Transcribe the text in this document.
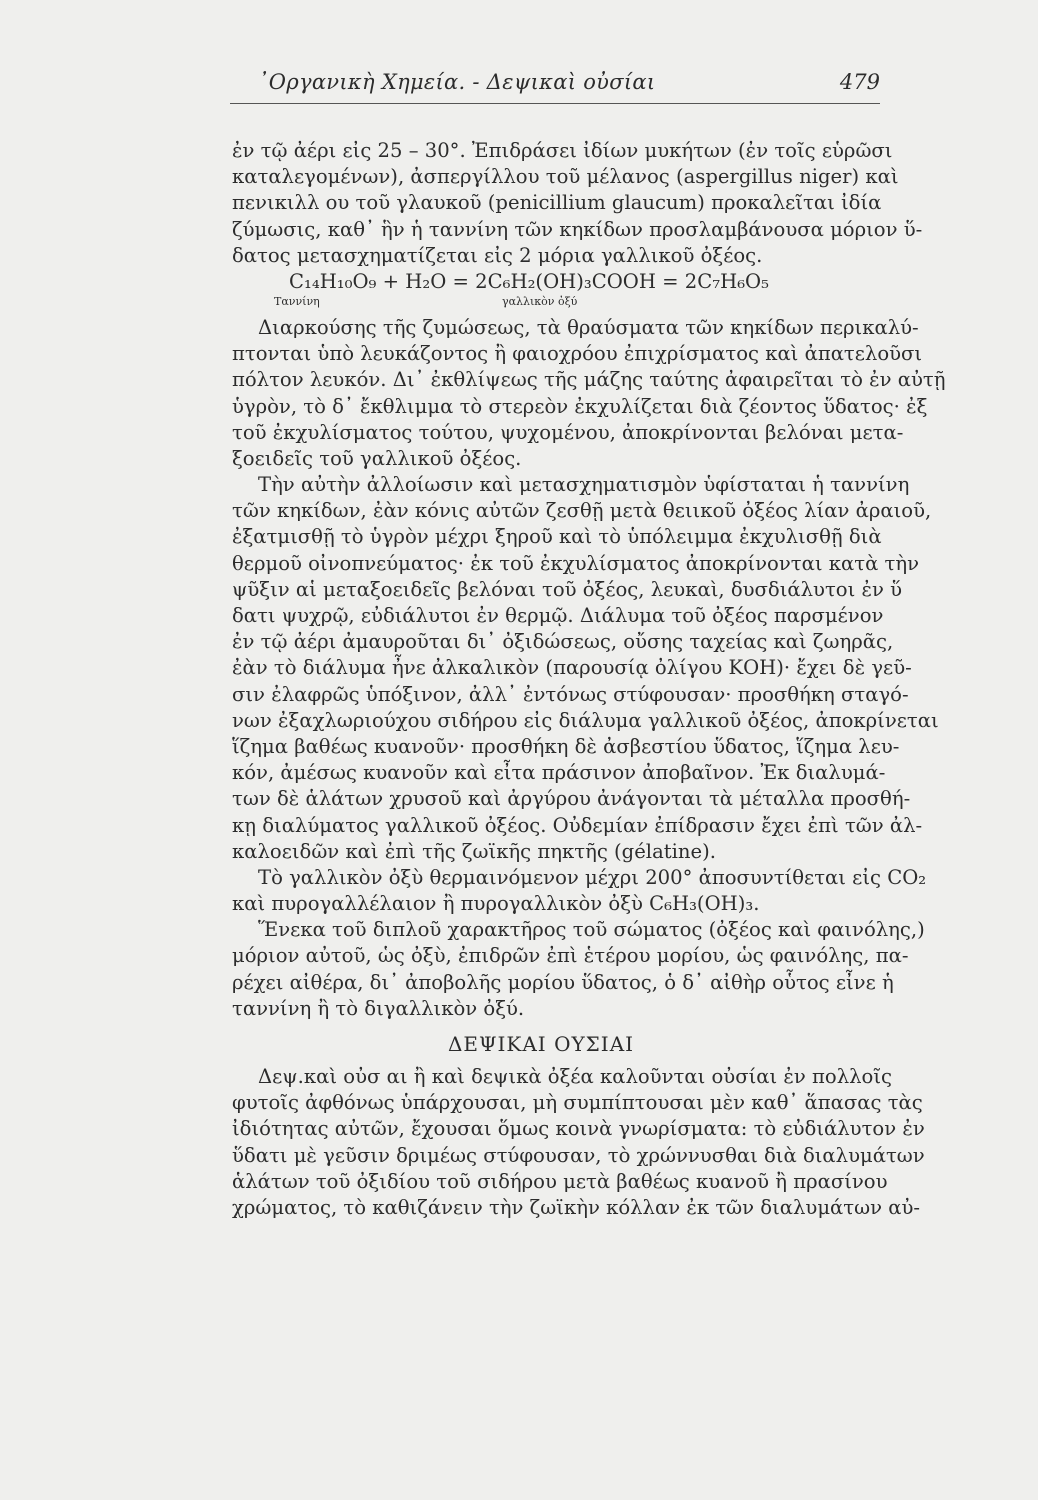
᾽Οργανικὴ Χημεία. - Δεψικαὶ οὐσίαι	479
ἐν τῷ ἀέρι εἰς 25 – 30°. Ἐπιδράσει ἰδίων μυκήτων (ἐν τοῖς εὑρῶσι
καταλεγομένων), ἀσπεργίλλου τοῦ μέλανος (aspergillus niger) καὶ
πενικιλλ ου τοῦ γλαυκοῦ (penicillium glaucum) προκαλεῖται ἰδία
ζύμωσις, καθ᾽ ἣν ἡ ταννίνη τῶν κηκίδων προσλαμβάνουσα μόριον ὕ-
δατος μετασχηματίζεται εἰς 2 μόρια γαλλικοῦ ὀξέος.
C₁₄H₁₀O₉ + H₂O = 2C₆H₂(OH)₃COOH = 2C₇H₆O₅
Ταννίνη	γαλλικὸν ὀξύ
Διαρκούσης τῆς ζυμώσεως, τὰ θραύσματα τῶν κηκίδων περικαλύ-
πτονται ὑπὸ λευκάζοντος ἢ φαιοχρόου ἐπιχρίσματος καὶ ἀπατελοῦσι
πόλτον λευκόν. Δι᾽ ἐκθλίψεως τῆς μάζης ταύτης ἀφαιρεῖται τὸ ἐν αὐτῇ
ὑγρὸν, τὸ δ᾽ ἔκθλιμμα τὸ στερεὸν ἐκχυλίζεται διὰ ζέοντος ὕδατος· ἐξ
τοῦ ἐκχυλίσματος τούτου, ψυχομένου, ἀποκρίνονται βελόναι μετα-
ξοειδεῖς τοῦ γαλλικοῦ ὀξέος.
Τὴν αὐτὴν ἀλλοίωσιν καὶ μετασχηματισμὸν ὑφίσταται ἡ ταννίνη
τῶν κηκίδων, ἐὰν κόνις αὐτῶν ζεσθῇ μετὰ θειικοῦ ὀξέος λίαν ἀραιοῦ,
ἐξατμισθῇ τὸ ὑγρὸν μέχρι ξηροῦ καὶ τὸ ὑπόλειμμα ἐκχυλισθῇ διὰ
θερμοῦ οἰνοπνεύματος· ἐκ τοῦ ἐκχυλίσματος ἀποκρίνονται κατὰ τὴν
ψῦξιν αἱ μεταξοειδεῖς βελόναι τοῦ ὀξέος, λευκαὶ, δυσδιάλυτοι ἐν ὕ
δατι ψυχρῷ, εὐδιάλυτοι ἐν θερμῷ. Διάλυμα τοῦ ὀξέος παρσμένον
ἐν τῷ ἀέρι ἀμαυροῦται δι᾽ ὀξιδώσεως, οὔσης ταχείας καὶ ζωηρᾶς,
ἐὰν τὸ διάλυμα ἦνε ἀλκαλικὸν (παρουσίᾳ ὀλίγου ΚΟΗ)· ἔχει δὲ γεῦ-
σιν ἐλαφρῶς ὑπόξινον, ἀλλ᾽ ἐντόνως στύφουσαν· προσθήκη σταγό-
νων ἐξαχλωριούχου σιδήρου εἰς διάλυμα γαλλικοῦ ὀξέος, ἀποκρίνεται
ἵζημα βαθέως κυανοῦν· προσθήκη δὲ ἀσβεστίου ὕδατος, ἵζημα λευ-
κόν, ἀμέσως κυανοῦν καὶ εἶτα πράσινον ἀποβαῖνον. Ἐκ διαλυμά-
των δὲ ἁλάτων χρυσοῦ καὶ ἀργύρου ἀνάγονται τὰ μέταλλα προσθή-
κῃ διαλύματος γαλλικοῦ ὀξέος. Οὐδεμίαν ἐπίδρασιν ἔχει ἐπὶ τῶν ἀλ-
καλοειδῶν καὶ ἐπὶ τῆς ζωϊκῆς πηκτῆς (gélatine).
Τὸ γαλλικὸν ὀξὺ θερμαινόμενον μέχρι 200° ἀποσυντίθεται εἰς CO₂
καὶ πυρογαλλέλαιον ἢ πυρογαλλικὸν ὀξὺ C₆H₃(OH)₃.
Ἕνεκα τοῦ διπλοῦ χαρακτῆρος τοῦ σώματος (ὀξέος καὶ φαινόλης,)
μόριον αὐτοῦ, ὡς ὀξὺ, ἐπιδρῶν ἐπὶ ἑτέρου μορίου, ὡς φαινόλης, πα-
ρέχει αἰθέρα, δι᾽ ἀποβολῆς μορίου ὕδατος, ὁ δ᾽ αἰθὴρ οὗτος εἶνε ἡ
ταννίνη ἢ τὸ διγαλλικὸν ὀξύ.
ΔΕΨΙΚΑΙ ΟΥΣΙΑΙ
Δεψ.καὶ οὐσ αι ἢ καὶ δεψικὰ ὀξέα καλοῦνται οὐσίαι ἐν πολλοῖς
φυτοῖς ἀφθόνως ὑπάρχουσαι, μὴ συμπίπτουσαι μὲν καθ᾽ ἅπασας τὰς
ἰδιότητας αὐτῶν, ἔχουσαι ὅμως κοινὰ γνωρίσματα: τὸ εὐδιάλυτον ἐν
ὕδατι μὲ γεῦσιν δριμέως στύφουσαν, τὸ χρώννυσθαι διὰ διαλυμάτων
ἁλάτων τοῦ ὀξιδίου τοῦ σιδήρου μετὰ βαθέως κυανοῦ ἢ πρασίνου
χρώματος, τὸ καθιζάνειν τὴν ζωϊκὴν κόλλαν ἐκ τῶν διαλυμάτων αὐ-
